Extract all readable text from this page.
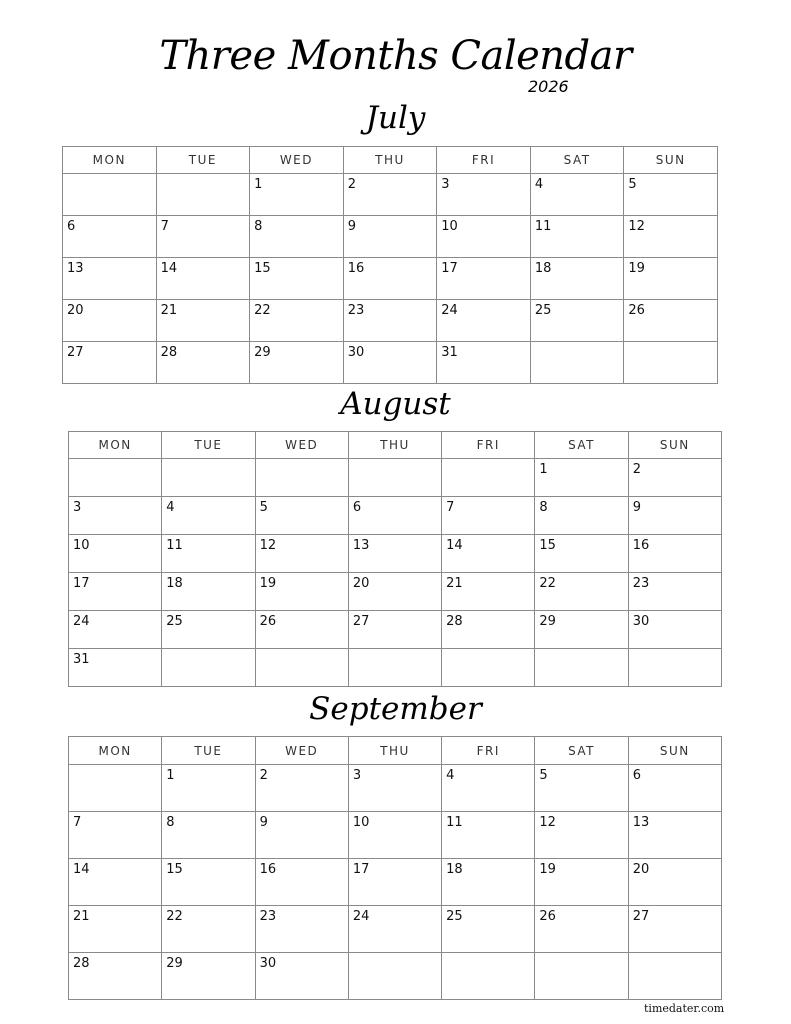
Three Months Calendar
2026
July
MON	TUE	WED	THU	FRI	SAT	SUN
		1	2	3	4	5
6	7	8	9	10	11	12
13	14	15	16	17	18	19
20	21	22	23	24	25	26
27	28	29	30	31		
August
MON	TUE	WED	THU	FRI	SAT	SUN
					1	2
3	4	5	6	7	8	9
10	11	12	13	14	15	16
17	18	19	20	21	22	23
24	25	26	27	28	29	30
31						
September
MON	TUE	WED	THU	FRI	SAT	SUN
	1	2	3	4	5	6
7	8	9	10	11	12	13
14	15	16	17	18	19	20
21	22	23	24	25	26	27
28	29	30				
timedater.com
